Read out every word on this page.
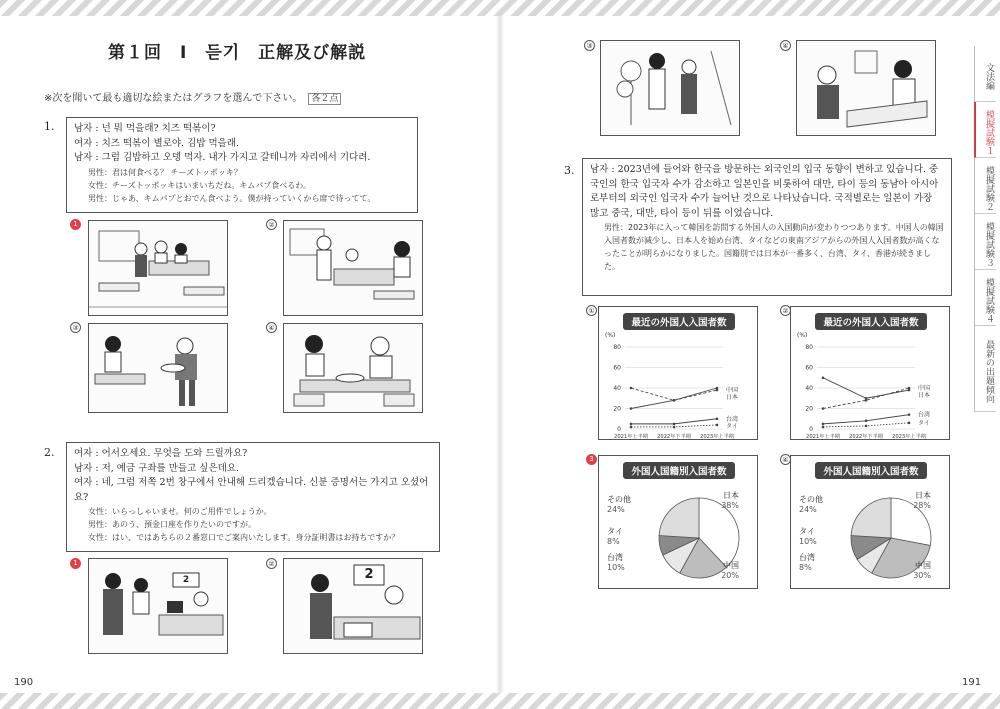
第１回　Ⅰ　듣기　正解及び解説
※次を聞いて最も適切な絵またはグラフを選んで下さい。 各２点
1. 남자 : 넌 뭐 먹을래? 치즈 떡볶이?
여자 : 치즈 떡볶이 별로야. 김밥 먹을래.
남자 : 그럼 김밥하고 오뎅 먹자. 내가 가지고 갈테니까 자리에서 기다려.
男性：君は何食べる？ チーズトッポッキ？
女性：チーズトッポッキはいまいちだね。キムパプ食べるわ。
男性：じゃあ、キムパプとおでん食べよう。僕が持っていくから席で待ってて。
1	②
③	④
2. 여자 : 어서오세요. 무엇을 도와 드릴까요?
남자 : 저, 예금 구좌를 만들고 싶은데요.
여자 : 네, 그럼 저쪽 2번 창구에서 안내해 드리겠습니다. 신분 증명서는 가지고 오셨어요?
女性：いらっしゃいませ。何のご用件でしょうか。
男性：あのう、預金口座を作りたいのですが。
女性：はい、ではあちらの２番窓口でご案内いたします。身分証明書はお持ちですか？
1
2
②
2
190
③	④
3. 남자 : 2023년에 들어와 한국을 방문하는 외국인의 입국 동향이 변하고 있습니다. 중국인의 한국 입국자 수가 감소하고 일본인을 비롯하여 대만, 타이 등의 동남아 아시아로부터의 외국인 입국자 수가 늘어난 것으로 나타났습니다. 국적별로는 일본이 가장 많고 중국, 대만, 타이 등이 뒤를 이었습니다.
男性：2023年に入って韓国を訪問する外国人の入国動向が変わりつつあります。中国人の韓国入国者数が減少し、日本人を始め台湾、タイなどの東南アジアからの外国人入国者数が高くなったことが明らかになりました。国籍別では日本が一番多く、台湾、タイ、香港が続きました。
①
最近の外国人入国者数
(%)
0
20
40
60
80
2021年上半期 2022年下半期 2023年上半期
中国
日本
台湾
タイ
②
最近の外国人入国者数
(%)
0
20
40
60
80
2021年上半期 2022年下半期 2023年上半期
中国
日本
台湾
タイ
3
外国人国籍別入国者数
日本
38%
中国
20%
台湾
10%
タイ
8%
その他
24%
④
外国人国籍別入国者数
日本
28%
中国
30%
台湾
8%
タイ
10%
その他
24%
191
文法編
模擬試験１
模擬試験２
模擬試験３
模擬試験４
最新の出題傾向
